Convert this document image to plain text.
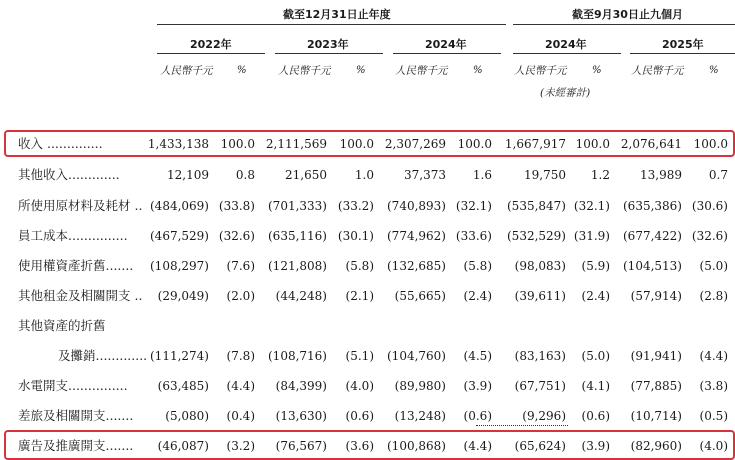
截至12月31日止年度	截至9月30日止九個月
2022年	2023年	2024年	2024年	2025年
人民幣千元 %	人民幣千元	%	人民幣千元	%	人民幣千元	%	人民幣千元	%
(未經審計)
收入 ..............	1,433,138 100.0 2,111,569	100.0 2,307,269 100.0	1,667,917 100.0 2,076,641 100.0
其他收入.............	12,109	0.8	21,650	1.0	37,373	1.6	19,750	1.2	13,989	0.7
所使用原材料及耗材 .. (484,069) (33.8)	(701,333) (33.2)	(740,893) (32.1)	(535,847) (32.1)	(635,386) (30.6)
員工成本...............	(467,529) (32.6)	(635,116) (30.1)	(774,962) (33.6)	(532,529) (31.9)	(677,422) (32.6)
使用權資產折舊.......	(108,297)	(7.6)	(121,808)	(5.8)	(132,685)	(5.8)	(98,083)	(5.9)	(104,513)	(5.0)
其他租金及相關開支 ..	(29,049)	(2.0)	(44,248)	(2.1)	(55,665)	(2.4)	(39,611)	(2.4)	(57,914)	(2.8)
其他資產的折舊
及攤銷............. (111,274)	(7.8)	(108,716)	(5.1)	(104,760)	(4.5)	(83,163)	(5.0)	(91,941)	(4.4)
水電開支...............	(63,485)	(4.4)	(84,399)	(4.0)	(89,980)	(3.9)	(67,751)	(4.1)	(77,885)	(3.8)
差旅及相關開支.......	(5,080)	(0.4)	(13,630)	(0.6)	(13,248)	(0.6)	(9,296)	(0.6)	(10,714)	(0.5)
廣告及推廣開支.......	(46,087)	(3.2)	(76,567)	(3.6)	(100,868)	(4.4)	(65,624)	(3.9)	(82,960)	(4.0)
